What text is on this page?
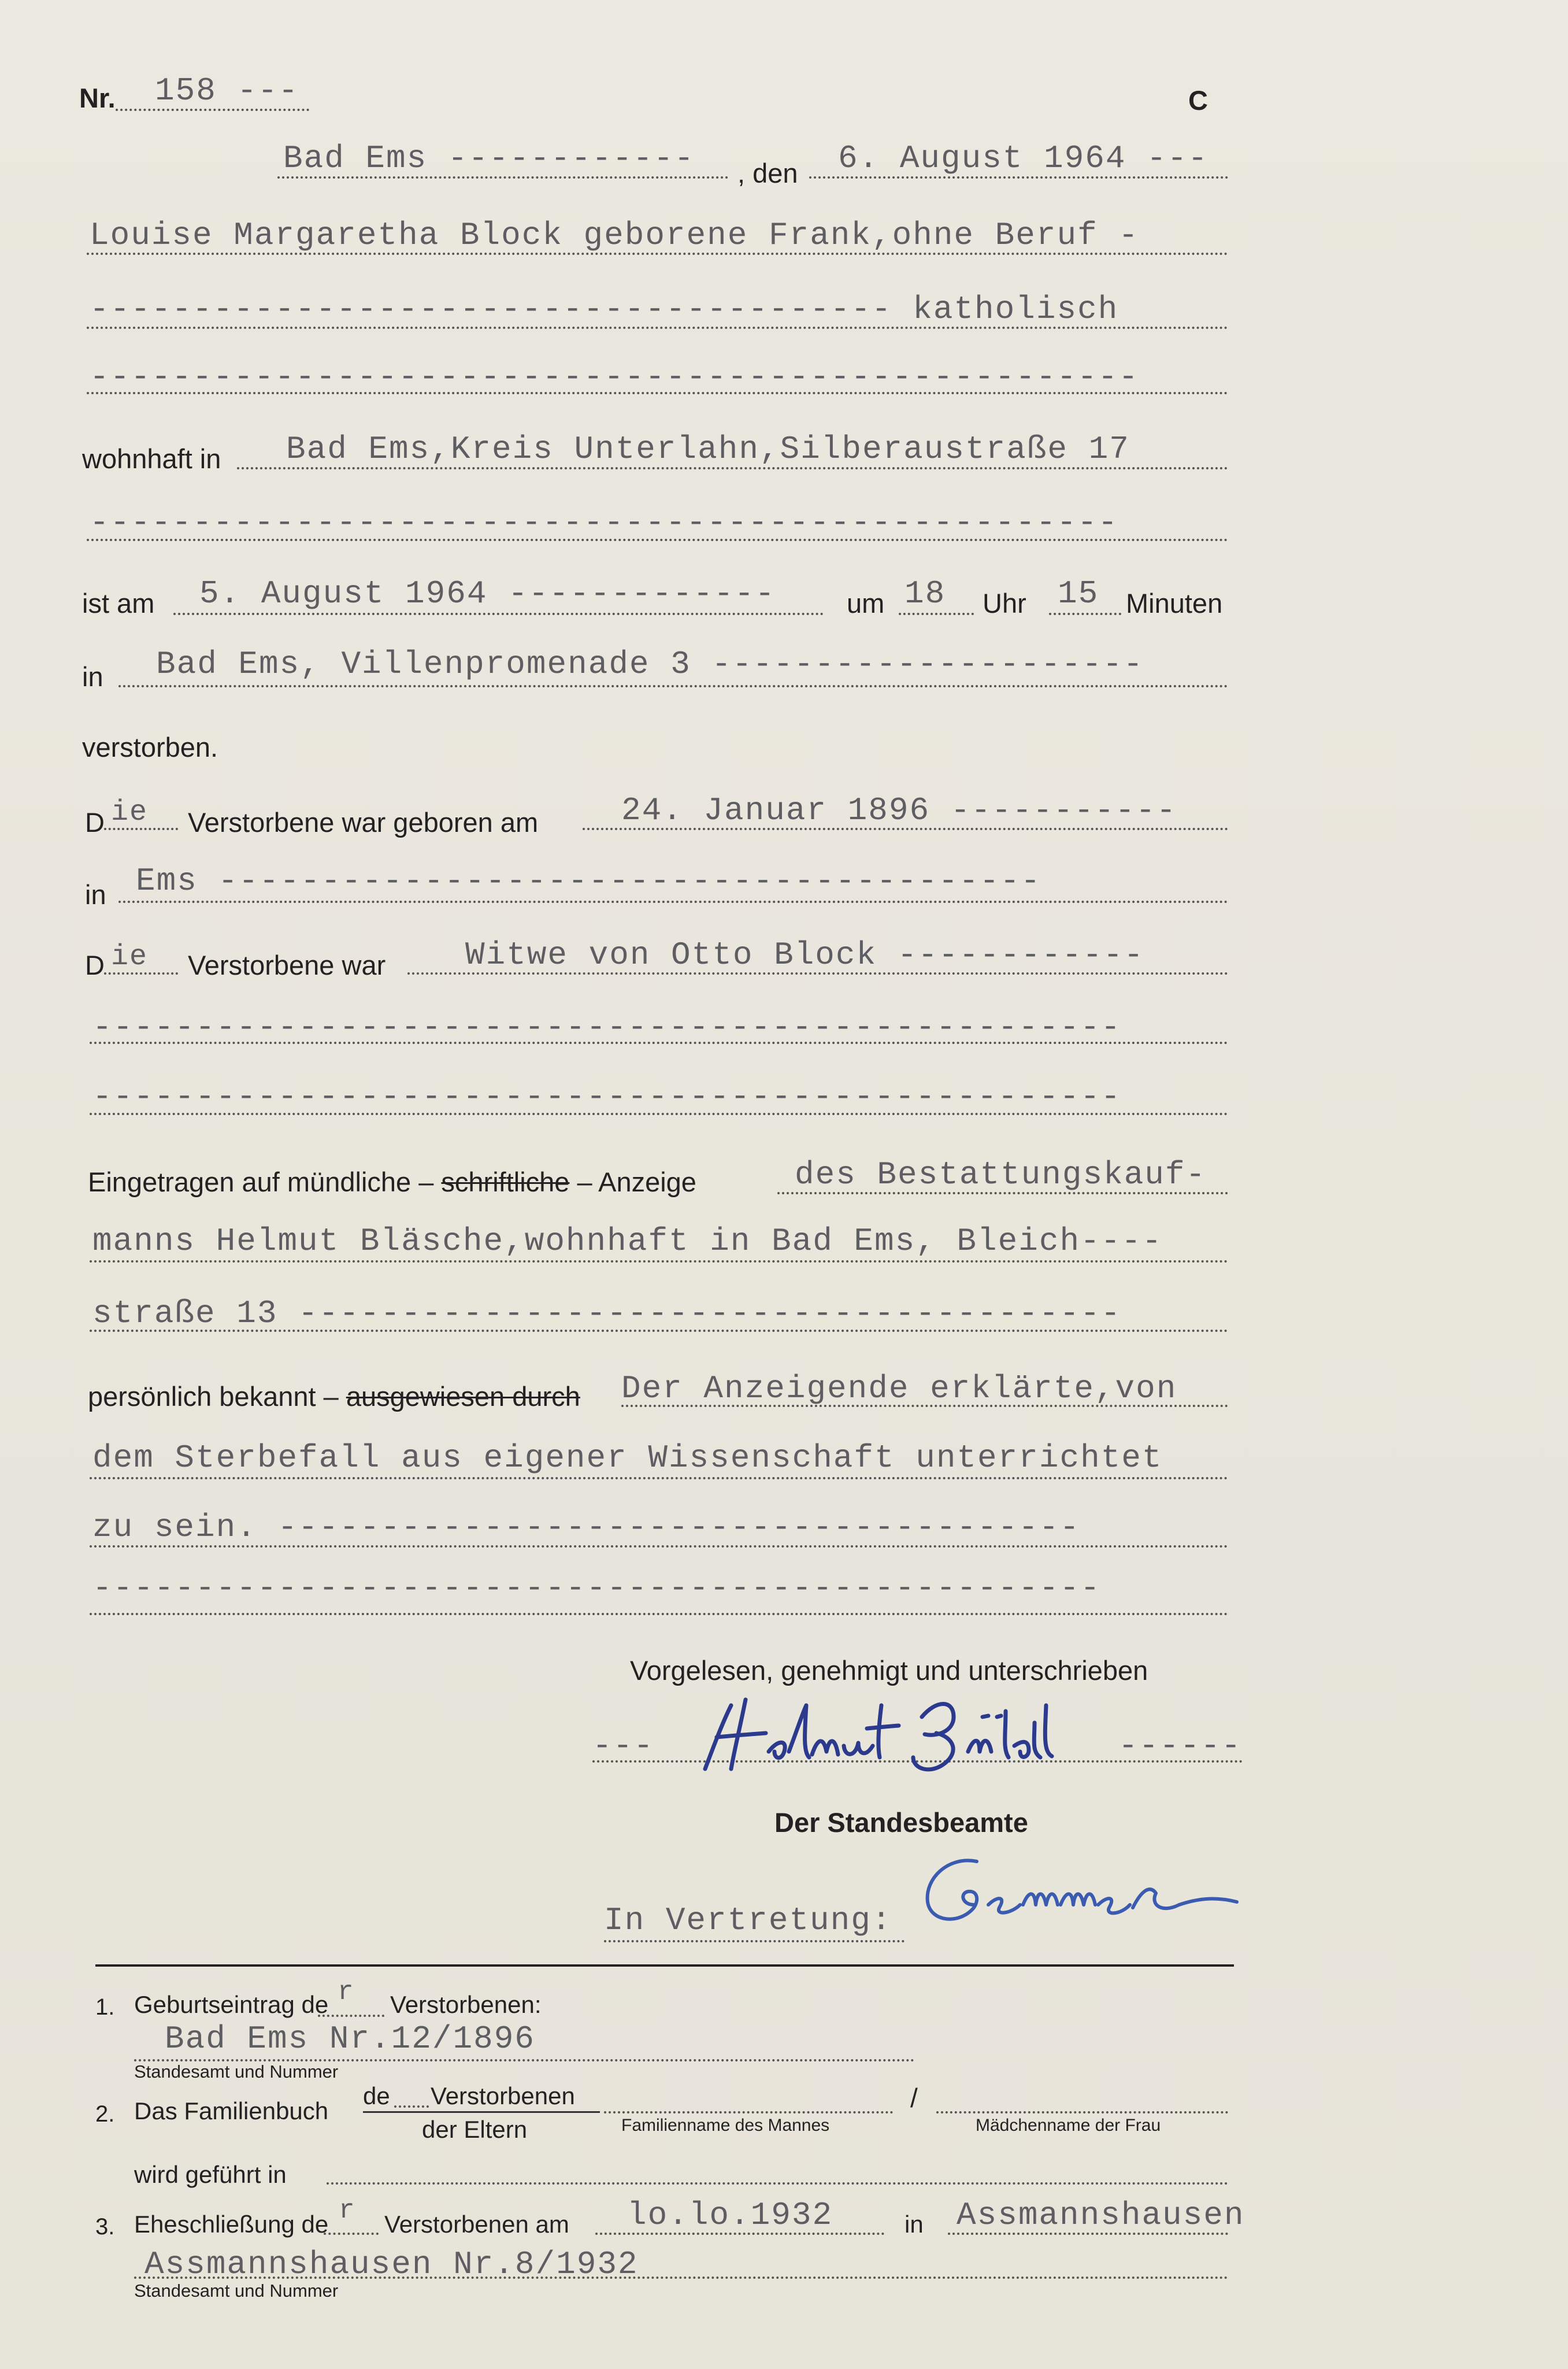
Nr. 158 ---	C
Bad Ems ------------ , den 6. August 1964 ---
Louise Margaretha Block geborene Frank,ohne Beruf -
--------------------------------------- katholisch
---------------------------------------------------
wohnhaft in Bad Ems,Kreis Unterlahn,Silberaustraße 17
--------------------------------------------------
ist am 5. August 1964 -------------	um 18 Uhr 15 Minuten
in Bad Ems, Villenpromenade 3 ---------------------
verstorben.
D ie Verstorbene war geboren am	24. Januar 1896 -----------
in Ems ----------------------------------------
D ie Verstorbene war Witwe von Otto Block ------------
--------------------------------------------------
--------------------------------------------------
Eingetragen auf mündliche – schriftliche – Anzeige	des Bestattungskauf-
manns Helmut Bläsche,wohnhaft in Bad Ems, Bleich----
straße 13 ----------------------------------------
persönlich bekannt – ausgewiesen durch Der Anzeigende erklärte,von
dem Sterbefall aus eigener Wissenschaft unterrichtet
zu sein. ---------------------------------------
-------------------------------------------------
Vorgelesen, genehmigt und unterschrieben
---	------
Der Standesbeamte
In Vertretung:
1. Geburtseintrag de r Verstorbenen:
Bad Ems Nr.12/1896
Standesamt und Nummer
2. Das Familienbuch
de Verstorbenen
der Eltern	Familienname des Mannes
/
Mädchenname der Frau
wird geführt in
3. Eheschließung de r Verstorbenen am lo.lo.1932	in Assmannshausen
Assmannshausen Nr.8/1932
Standesamt und Nummer
